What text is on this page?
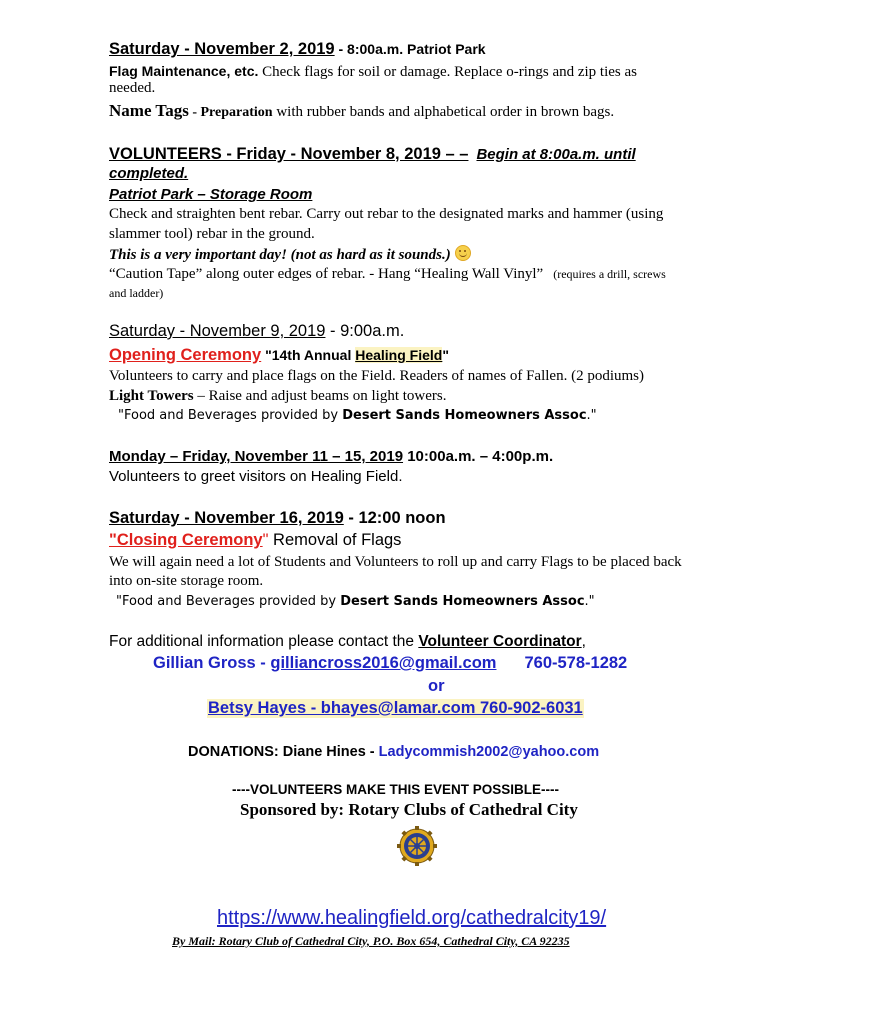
Saturday - November 2, 2019 - 8:00a.m. Patriot Park
Flag Maintenance, etc. Check flags for soil or damage. Replace o-rings and zip ties as
needed.
Name Tags - Preparation with rubber bands and alphabetical order in brown bags.
VOLUNTEERS - Friday - November 8, 2019 – – Begin at 8:00a.m. until
completed.
Patriot Park – Storage Room
Check and straighten bent rebar. Carry out rebar to the designated marks and hammer (using
slammer tool) rebar in the ground.
This is a very important day! (not as hard as it sounds.)
“Caution Tape” along outer edges of rebar. - Hang “Healing Wall Vinyl” (requires a drill, screws
and ladder)
Saturday - November 9, 2019 - 9:00a.m.
Opening Ceremony "14th Annual Healing Field"
Volunteers to carry and place flags on the Field. Readers of names of Fallen. (2 podiums)
Light Towers – Raise and adjust beams on light towers.
"Food and Beverages provided by Desert Sands Homeowners Assoc."
Monday – Friday, November 11 – 15, 2019 10:00a.m. – 4:00p.m.
Volunteers to greet visitors on Healing Field.
Saturday - November 16, 2019 - 12:00 noon
"Closing Ceremony" Removal of Flags
We will again need a lot of Students and Volunteers to roll up and carry Flags to be placed back
into on-site storage room.
"Food and Beverages provided by Desert Sands Homeowners Assoc."
For additional information please contact the Volunteer Coordinator,
Gillian Gross - gilliancross2016@gmail.com 760-578-1282
or
Betsy Hayes - bhayes@lamar.com 760-902-6031
DONATIONS: Diane Hines - Ladycommish2002@yahoo.com
----VOLUNTEERS MAKE THIS EVENT POSSIBLE----
Sponsored by: Rotary Clubs of Cathedral City
https://www.healingfield.org/cathedralcity19/
By Mail: Rotary Club of Cathedral City, P.O. Box 654, Cathedral City, CA 92235
